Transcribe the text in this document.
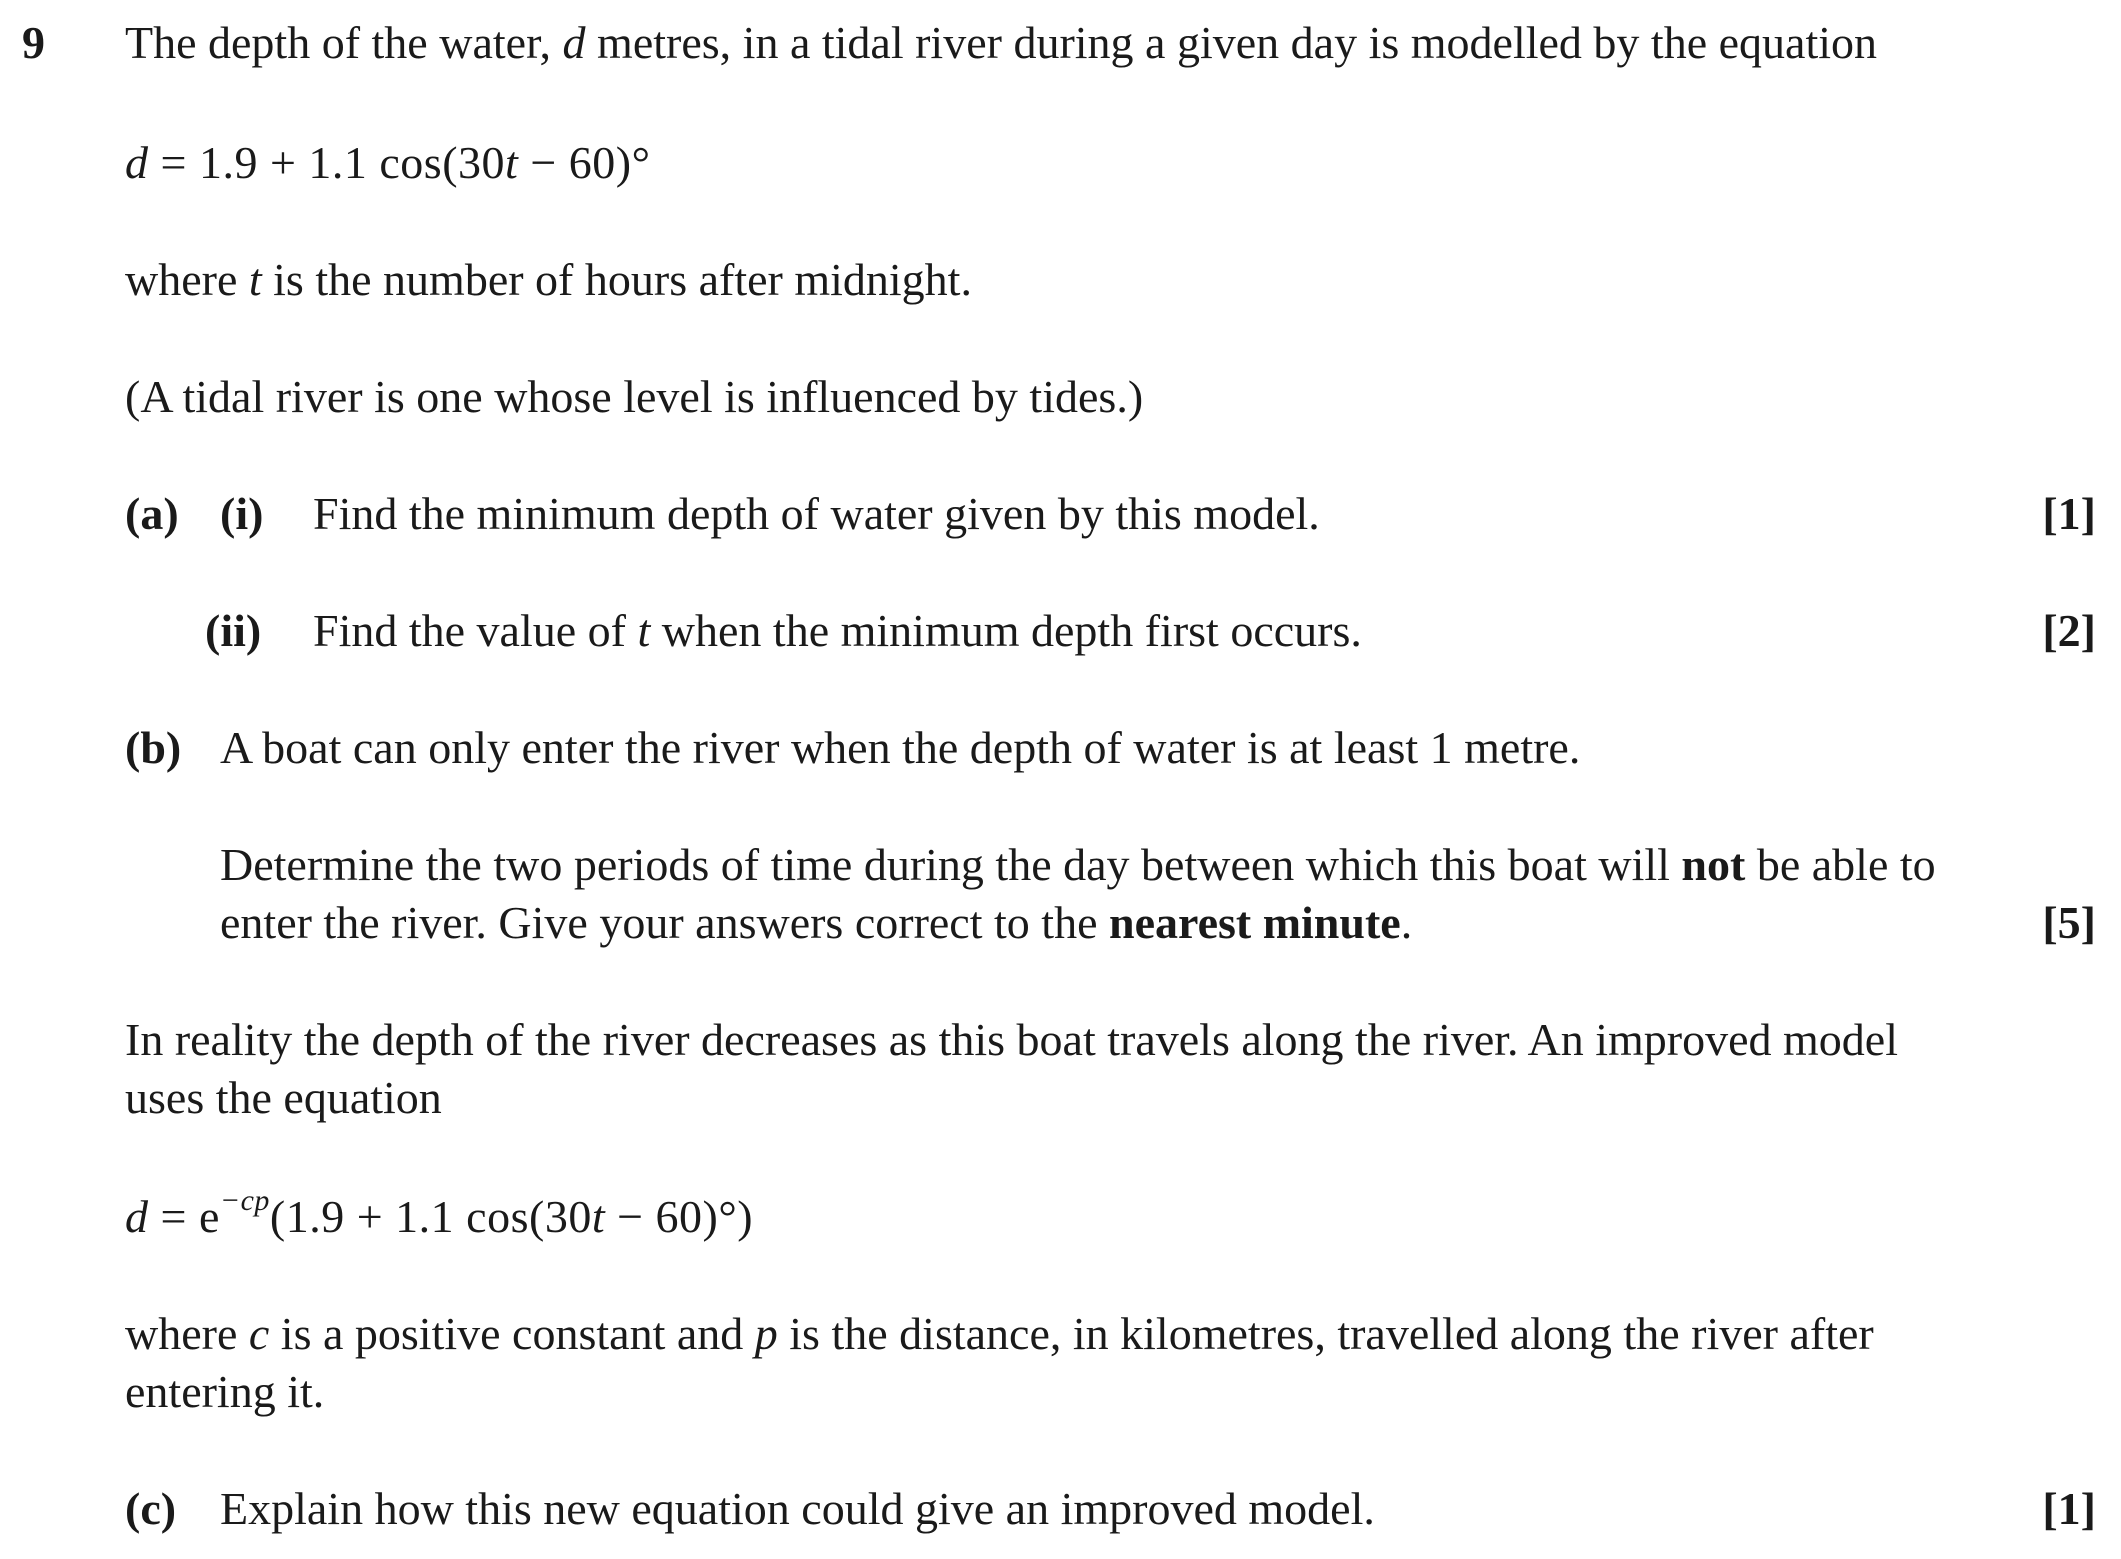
9 The depth of the water, d metres, in a tidal river during a given day is modelled by the equation
d = 1.9 + 1.1 cos(30t − 60)°
where t is the number of hours after midnight.
(A tidal river is one whose level is influenced by tides.)
(a) (i) Find the minimum depth of water given by this model.	[1]
(ii) Find the value of t when the minimum depth first occurs.	[2]
(b) A boat can only enter the river when the depth of water is at least 1 metre.
Determine the two periods of time during the day between which this boat will not be able to
enter the river. Give your answers correct to the nearest minute.	[5]
In reality the depth of the river decreases as this boat travels along the river. An improved model
uses the equation
$d = e^{-cp}(1.9 + 1.1$ cos(30t − 60)°)
where c is a positive constant and p is the distance, in kilometres, travelled along the river after
entering it.
(c) Explain how this new equation could give an improved model.	[1]
